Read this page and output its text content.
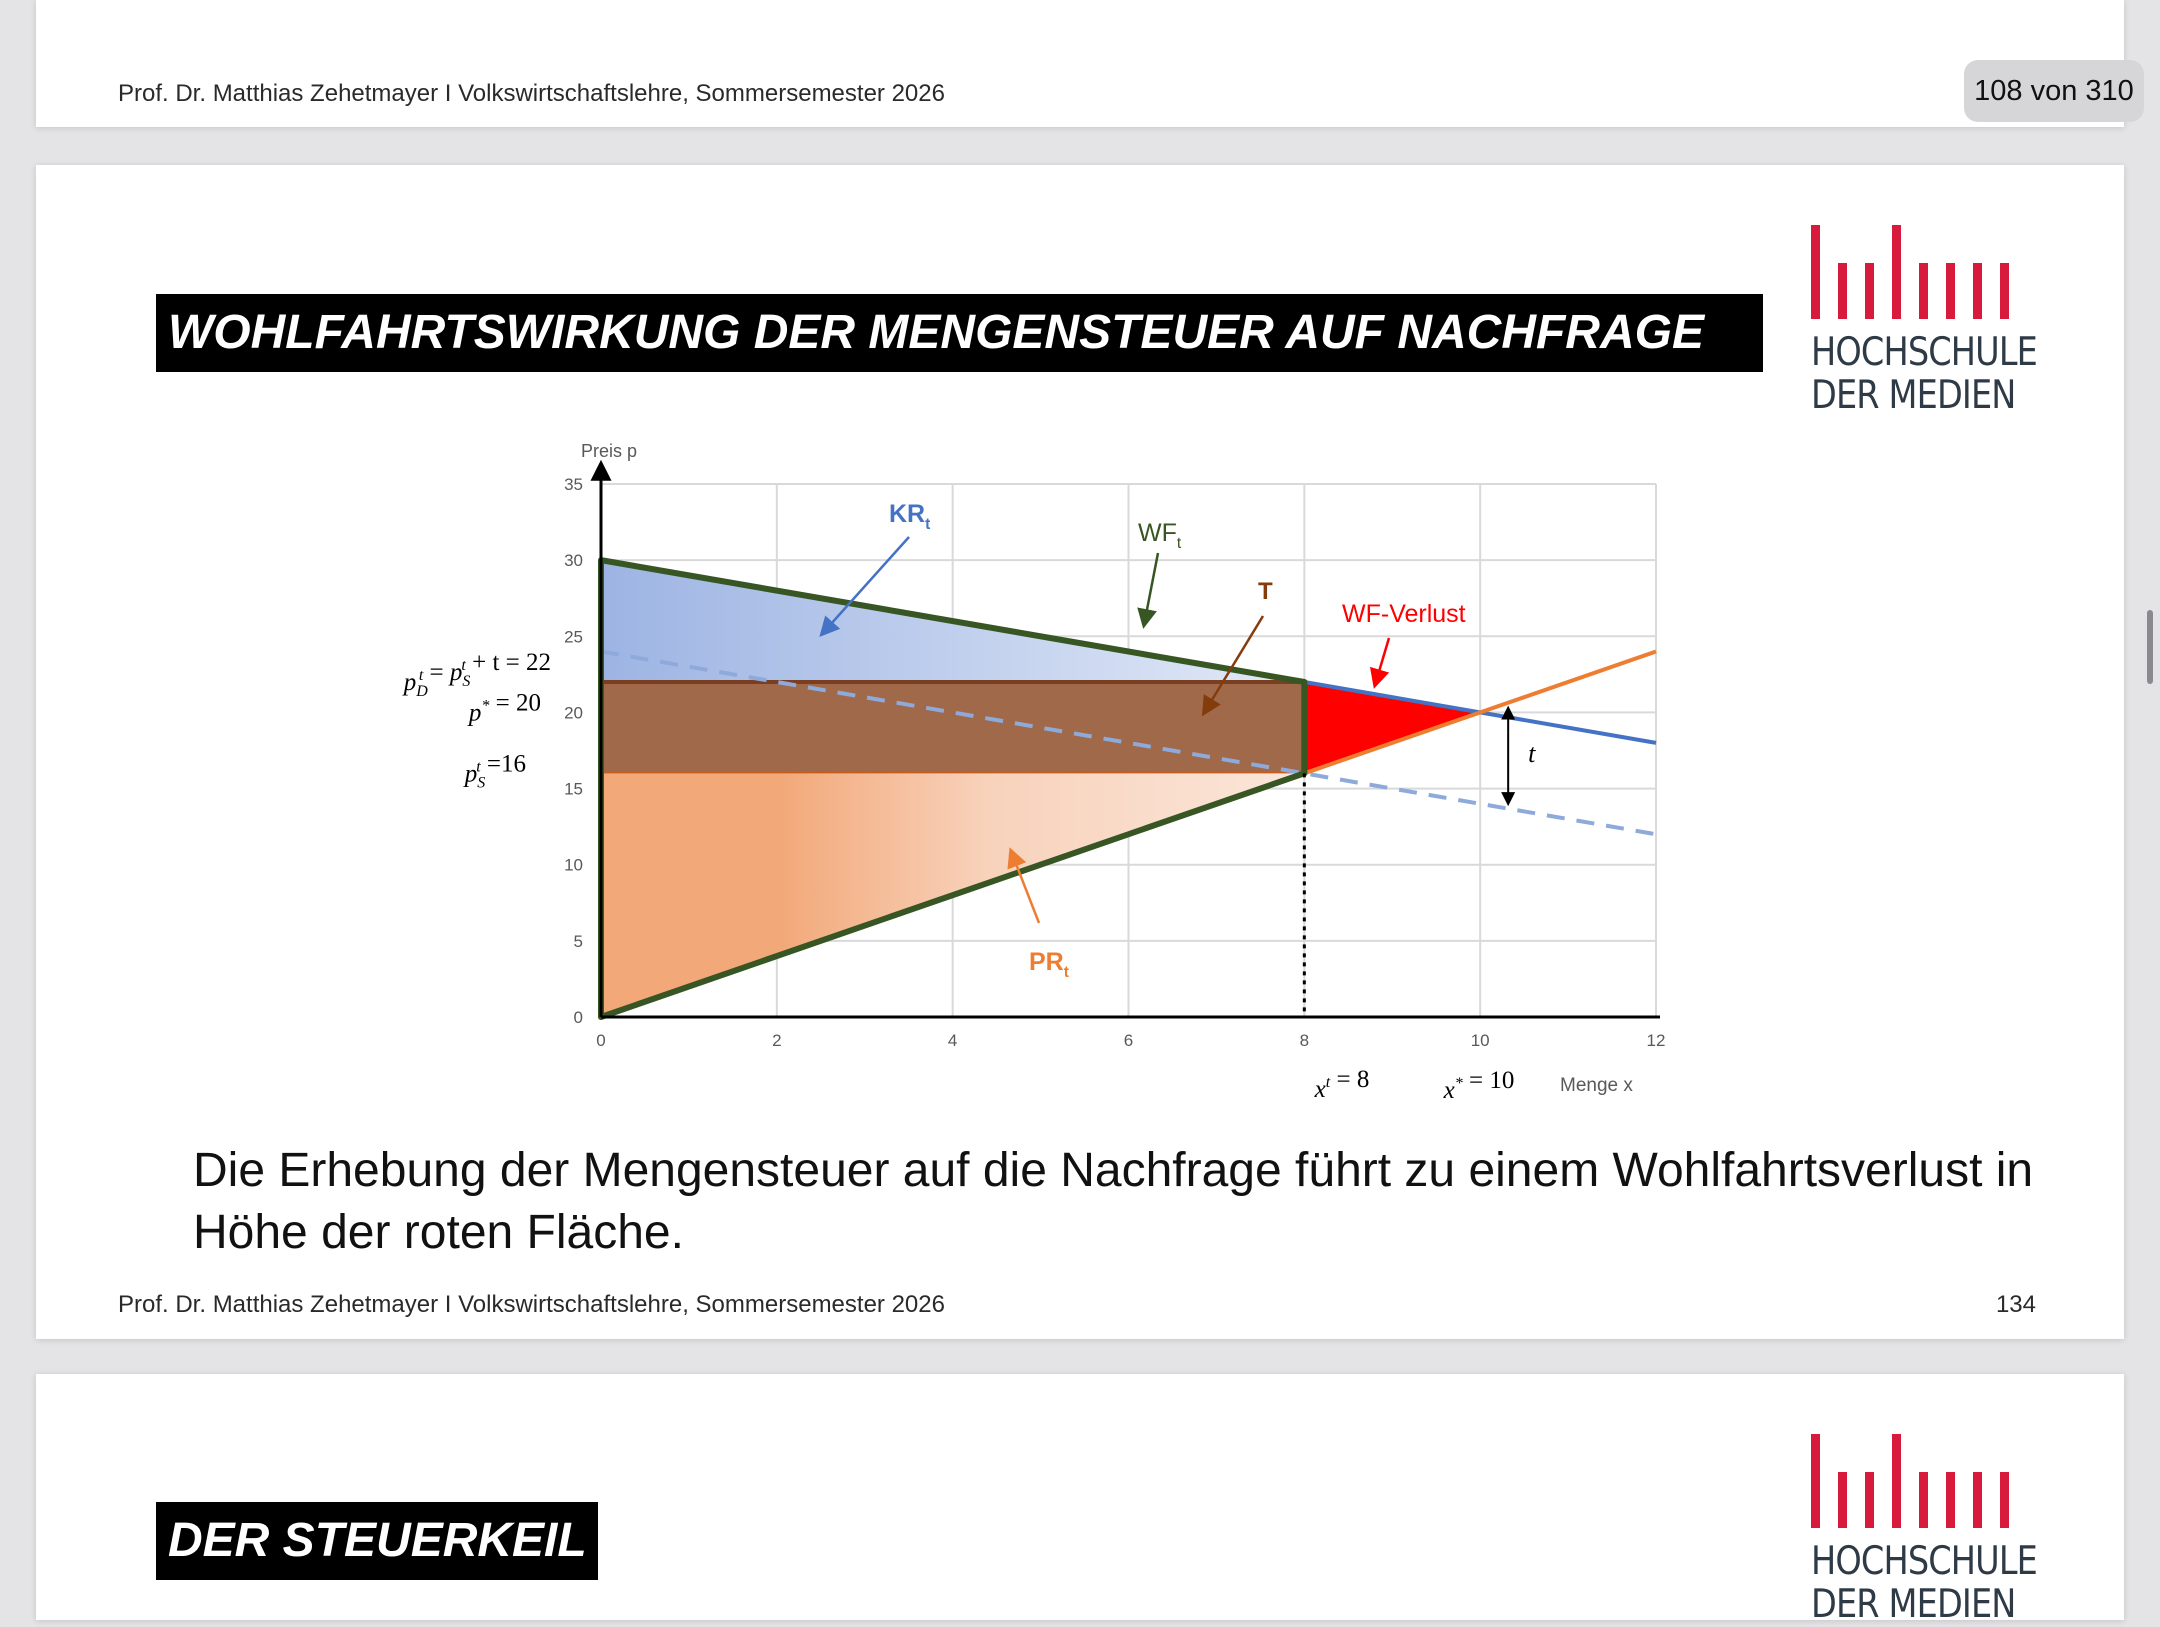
Prof. Dr. Matthias Zehetmayer I Volkswirtschaftslehre, Sommersemester 2026	108 von 310
WOHLFAHRTSWIRKUNG DER MENGENSTEUER AUF NACHFRAGE	HOCHSCHULE
DER MEDIEN
0	2	4	6	8	10	12
0
5
10
15
20
25
30
35
Preis p
Menge x
$KR_t$	$WF_t$
T
WF-Verlust
$PR_t$
t
$p_Dt = p_St + t = 22$
p* = 20
$p_St =16$
$x^t = 8$	x* = 10
Die Erhebung der Mengensteuer auf die Nachfrage führt zu einem Wohlfahrtsverlust in Höhe der roten Fläche.
Prof. Dr. Matthias Zehetmayer I Volkswirtschaftslehre, Sommersemester 2026	134
DER STEUERKEIL	HOCHSCHULE
DER MEDIEN
